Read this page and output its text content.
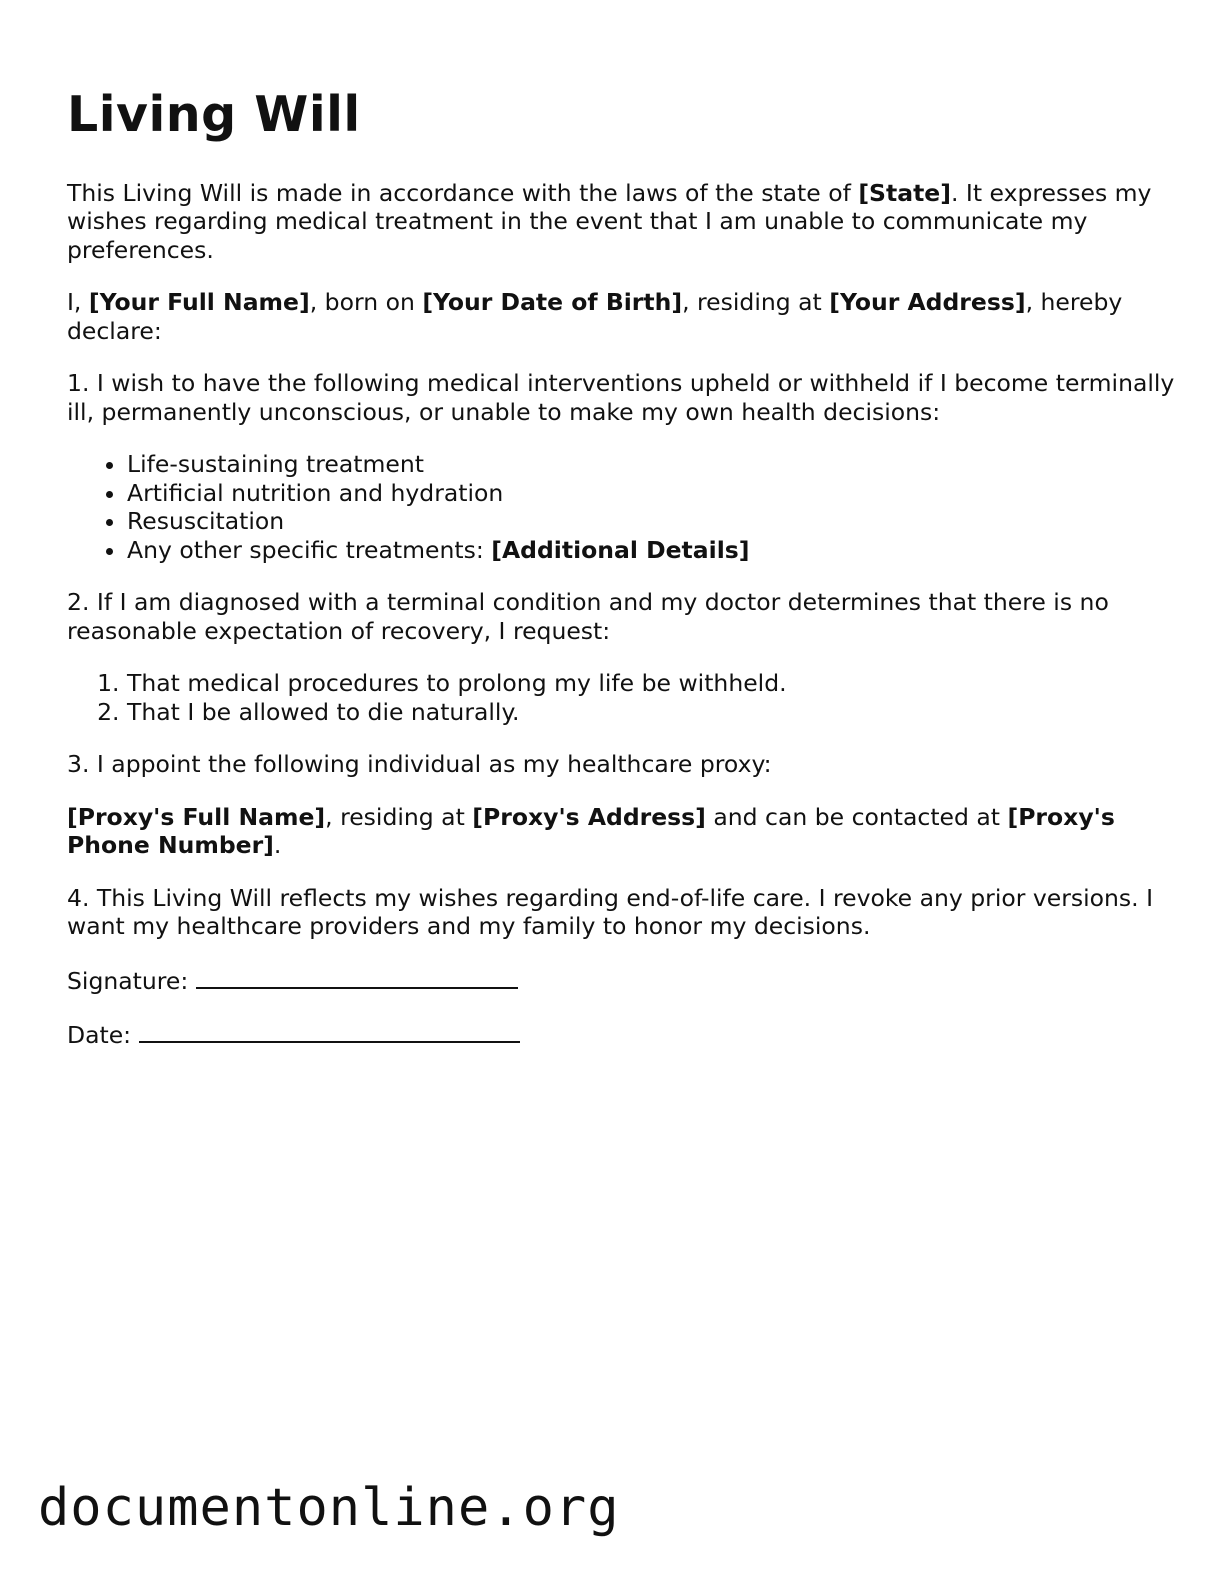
Living Will

This Living Will is made in accordance with the laws of the state of [State]. It expresses my wishes regarding medical treatment in the event that I am unable to communicate my preferences.

I, [Your Full Name], born on [Your Date of Birth], residing at [Your Address], hereby declare:

1. I wish to have the following medical interventions upheld or withheld if I become terminally ill, permanently unconscious, or unable to make my own health decisions:

• Life-sustaining treatment
• Artificial nutrition and hydration
• Resuscitation
• Any other specific treatments: [Additional Details]

2. If I am diagnosed with a terminal condition and my doctor determines that there is no reasonable expectation of recovery, I request:

1. That medical procedures to prolong my life be withheld.
2. That I be allowed to die naturally.

3. I appoint the following individual as my healthcare proxy:

[Proxy's Full Name], residing at [Proxy's Address] and can be contacted at [Proxy's Phone Number].

4. This Living Will reflects my wishes regarding end-of-life care. I revoke any prior versions. I want my healthcare providers and my family to honor my decisions.

Signature:

Date:

documentonline.org
